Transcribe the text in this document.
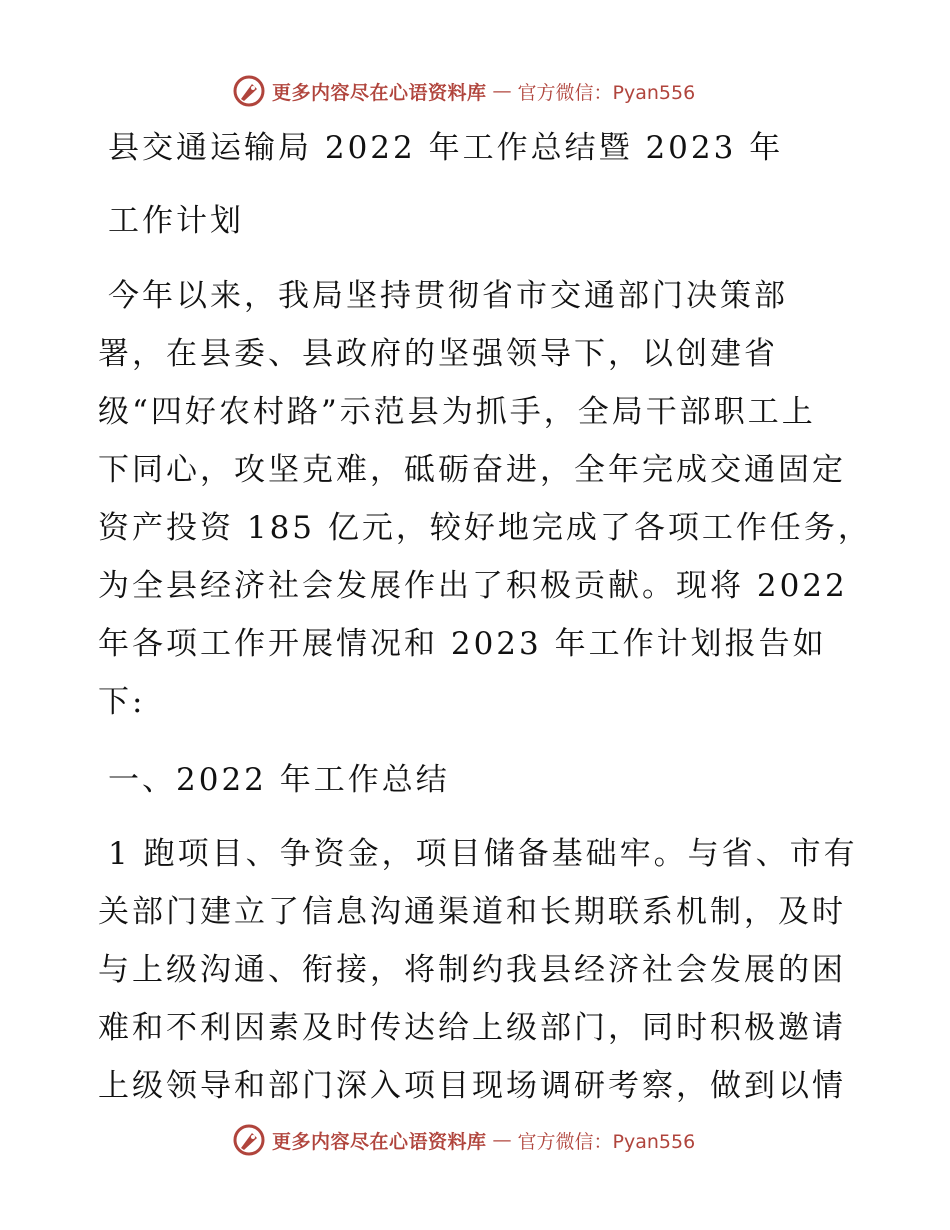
更多内容尽在心语资料库 — 官方微信：Pyan556
县交通运输局 2022 年工作总结暨 2023 年
工作计划
今年以来，我局坚持贯彻省市交通部门决策部
署，在县委、县政府的坚强领导下，以创建省
级“四好农村路”示范县为抓手，全局干部职工上
下同心，攻坚克难，砥砺奋进，全年完成交通固定
资产投资 185 亿元，较好地完成了各项工作任务，
为全县经济社会发展作出了积极贡献。现将 2022
年各项工作开展情况和 2023 年工作计划报告如
下:
一、2022 年工作总结
1 跑项目、争资金，项目储备基础牢。与省、市有
关部门建立了信息沟通渠道和长期联系机制，及时
与上级沟通、衔接，将制约我县经济社会发展的困
难和不利因素及时传达给上级部门，同时积极邀请
上级领导和部门深入项目现场调研考察，做到以情
更多内容尽在心语资料库 — 官方微信：Pyan556
